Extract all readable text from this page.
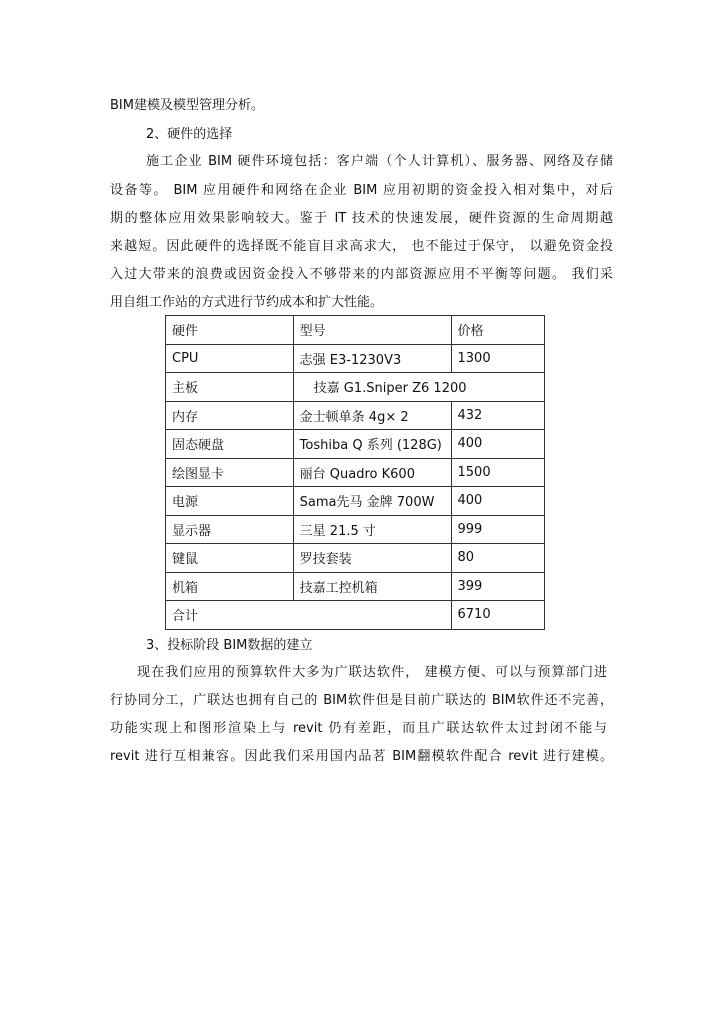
BIM建模及模型管理分析。
2、硬件的选择
施工企业 BIM 硬件环境包括：客户端（个人计算机）、服务器、网络及存储
设备等。 BIM 应用硬件和网络在企业 BIM 应用初期的资金投入相对集中，对后
期的整体应用效果影响较大。鉴于 IT 技术的快速发展，硬件资源的生命周期越
来越短。因此硬件的选择既不能盲目求高求大， 也不能过于保守， 以避免资金投
入过大带来的浪费或因资金投入不够带来的内部资源应用不平衡等问题。 我们采
用自组工作站的方式进行节约成本和扩大性能。
硬件	型号	价格
CPU	志强 E3-1230V3	1300
主板	技嘉 G1.Sniper Z6 1200	
内存	金士顿单条 4g× 2	432
固态硬盘	Toshiba Q 系列 (128G)	400
绘图显卡	丽台 Quadro K600	1500
电源	Sama先马 金牌 700W	400
显示器	三星 21.5 寸	999
键鼠	罗技套装	80
机箱	技嘉工控机箱	399
合计		6710
3、投标阶段 BIM数据的建立
现在我们应用的预算软件大多为广联达软件， 建模方便、可以与预算部门进
行协同分工，广联达也拥有自己的 BIM软件但是目前广联达的 BIM软件还不完善，
功能实现上和图形渲染上与 revit 仍有差距，而且广联达软件太过封闭不能与
revit 进行互相兼容。因此我们采用国内品茗 BIM翻模软件配合 revit 进行建模。
